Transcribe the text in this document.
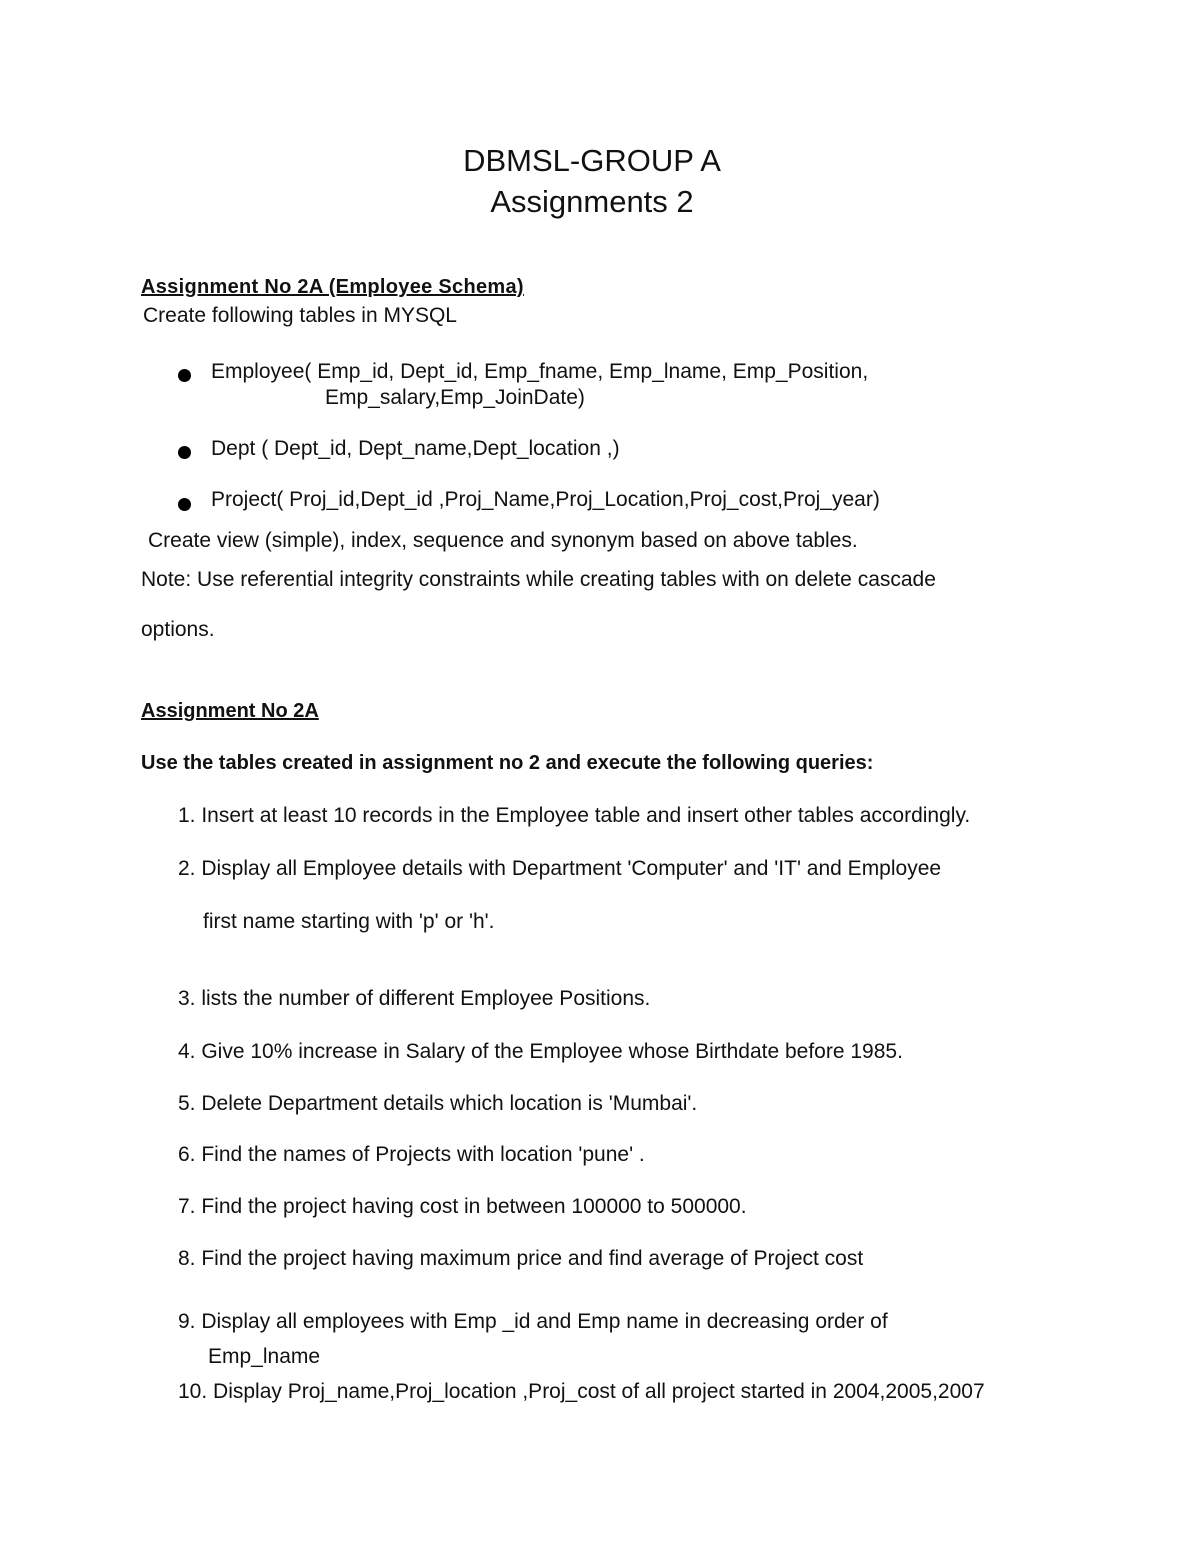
DBMSL-GROUP A
Assignments 2
Assignment No 2A (Employee Schema)
Create following tables in MYSQL
Employee( Emp_id, Dept_id, Emp_fname, Emp_lname, Emp_Position,
Emp_salary,Emp_JoinDate)
Dept ( Dept_id, Dept_name,Dept_location ,)
Project( Proj_id,Dept_id ,Proj_Name,Proj_Location,Proj_cost,Proj_year)
Create view (simple), index, sequence and synonym based on above tables.
Note: Use referential integrity constraints while creating tables with on delete cascade
options.
Assignment No 2A
Use the tables created in assignment no 2 and execute the following queries:
1. Insert at least 10 records in the Employee table and insert other tables accordingly.
2. Display all Employee details with Department 'Computer' and 'IT' and Employee
first name starting with 'p' or 'h'.
3. lists the number of different Employee Positions.
4. Give 10% increase in Salary of the Employee whose Birthdate before 1985.
5. Delete Department details which location is 'Mumbai'.
6. Find the names of Projects with location 'pune' .
7. Find the project having cost in between 100000 to 500000.
8. Find the project having maximum price and find average of Project cost
9. Display all employees with Emp _id and Emp name in decreasing order of
Emp_lname
10. Display Proj_name,Proj_location ,Proj_cost of all project started in 2004,2005,2007
